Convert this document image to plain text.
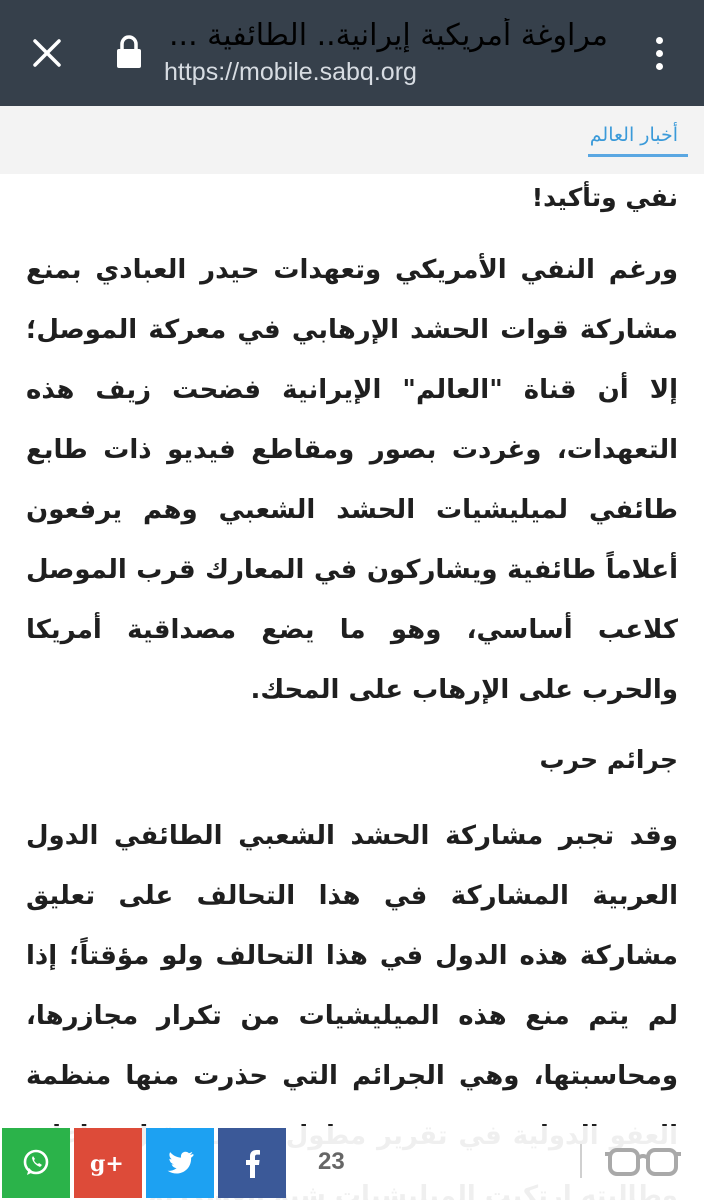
مراوغة أمريكية إيرانية.. الطائفية ...
https://mobile.sabq.org
أخبار العالم
نفي وتأكيد!
ورغم النفي الأمريكي وتعهدات حيدر العبادي بمنع مشاركة قوات الحشد الإرهابي في معركة الموصل؛ إلا أن قناة "العالم" الإيرانية فضحت زيف هذه التعهدات، وغردت بصور ومقاطع فيديو ذات طابع طائفي لميليشيات الحشد الشعبي وهم يرفعون أعلاماً طائفية ويشاركون في المعارك قرب الموصل كلاعب أساسي، وهو ما يضع مصداقية أمريكا والحرب على الإرهاب على المحك.
جرائم حرب
وقد تجبر مشاركة الحشد الشعبي الطائفي الدول العربية المشاركة في هذا التحالف على تعليق مشاركة هذه الدول في هذا التحالف ولو مؤقتاً؛ إذا لم يتم منع هذه الميليشيات من تكرار مجازرها، ومحاسبتها، وهي الجرائم التي حذرت منها منظمة
g+	23
